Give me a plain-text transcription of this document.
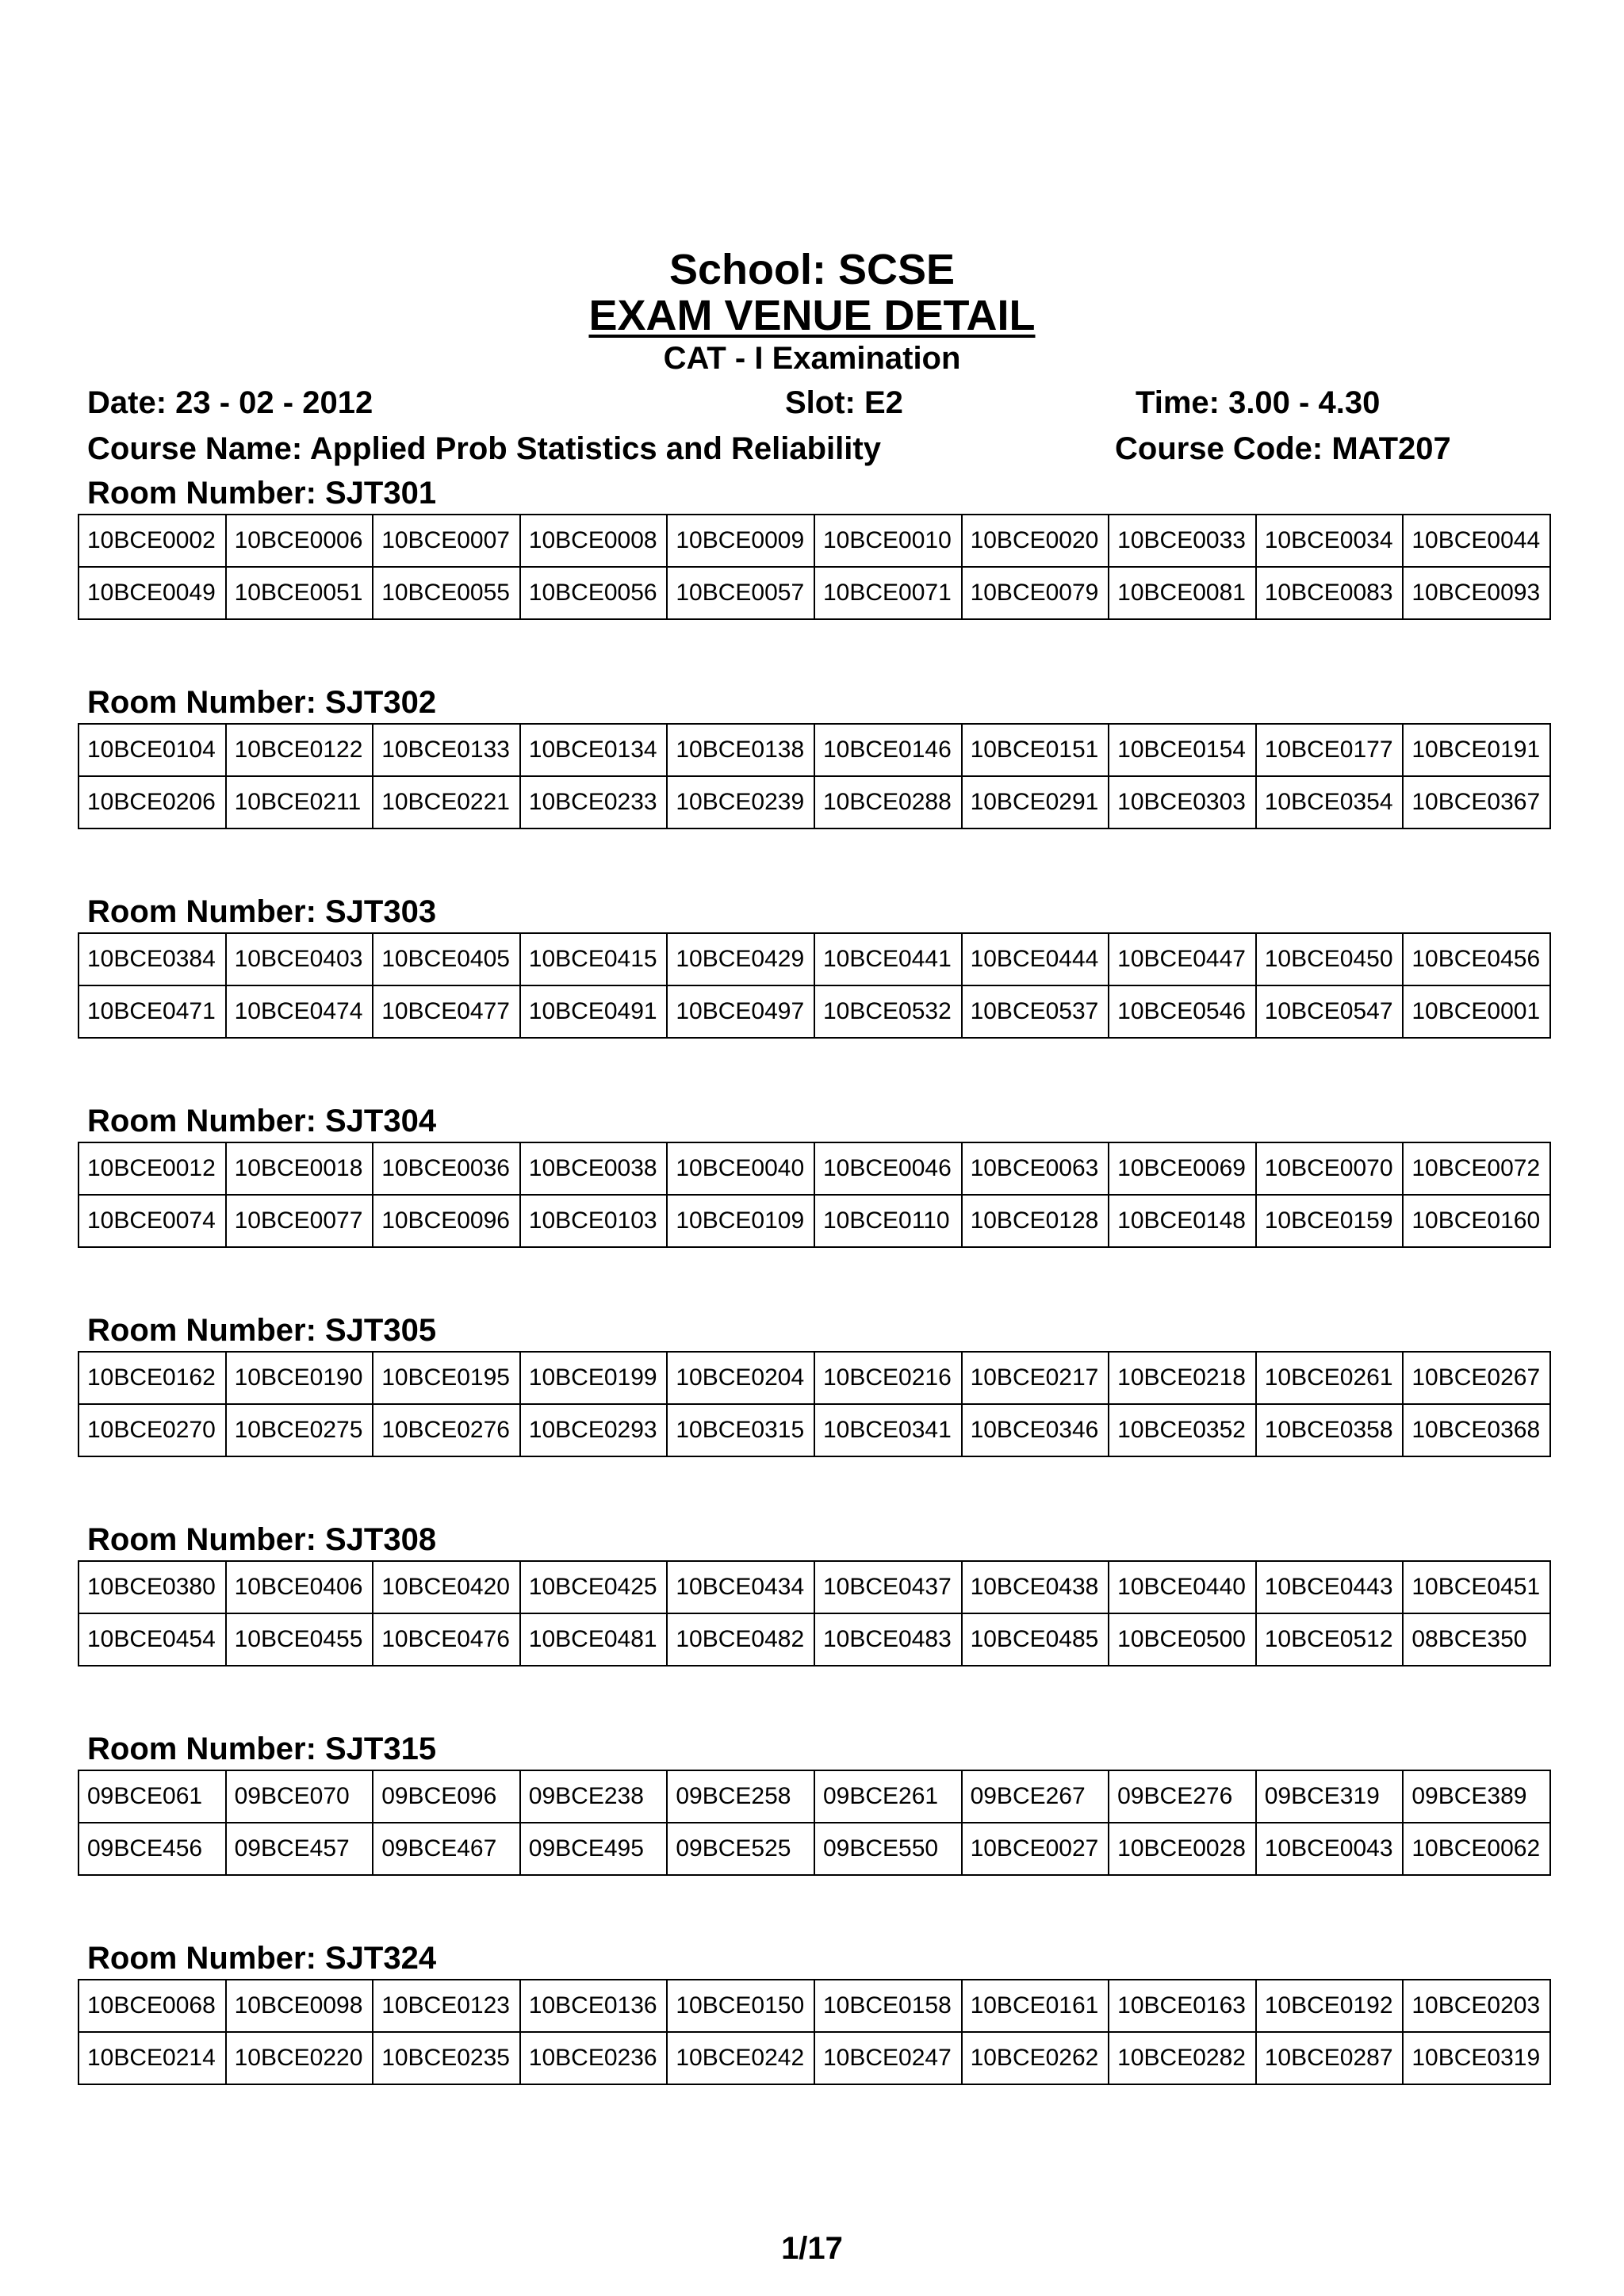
School: SCSE
EXAM VENUE DETAIL
CAT - I Examination
Date: 23 - 02 - 2012	Slot: E2	Time: 3.00 - 4.30
Course Name: Applied Prob Statistics and Reliability	Course Code: MAT207
Room Number: SJT301
10BCE0002	10BCE0006	10BCE0007	10BCE0008	10BCE0009	10BCE0010	10BCE0020	10BCE0033	10BCE0034	10BCE0044
10BCE0049	10BCE0051	10BCE0055	10BCE0056	10BCE0057	10BCE0071	10BCE0079	10BCE0081	10BCE0083	10BCE0093
Room Number: SJT302
10BCE0104	10BCE0122	10BCE0133	10BCE0134	10BCE0138	10BCE0146	10BCE0151	10BCE0154	10BCE0177	10BCE0191
10BCE0206	10BCE0211	10BCE0221	10BCE0233	10BCE0239	10BCE0288	10BCE0291	10BCE0303	10BCE0354	10BCE0367
Room Number: SJT303
10BCE0384	10BCE0403	10BCE0405	10BCE0415	10BCE0429	10BCE0441	10BCE0444	10BCE0447	10BCE0450	10BCE0456
10BCE0471	10BCE0474	10BCE0477	10BCE0491	10BCE0497	10BCE0532	10BCE0537	10BCE0546	10BCE0547	10BCE0001
Room Number: SJT304
10BCE0012	10BCE0018	10BCE0036	10BCE0038	10BCE0040	10BCE0046	10BCE0063	10BCE0069	10BCE0070	10BCE0072
10BCE0074	10BCE0077	10BCE0096	10BCE0103	10BCE0109	10BCE0110	10BCE0128	10BCE0148	10BCE0159	10BCE0160
Room Number: SJT305
10BCE0162	10BCE0190	10BCE0195	10BCE0199	10BCE0204	10BCE0216	10BCE0217	10BCE0218	10BCE0261	10BCE0267
10BCE0270	10BCE0275	10BCE0276	10BCE0293	10BCE0315	10BCE0341	10BCE0346	10BCE0352	10BCE0358	10BCE0368
Room Number: SJT308
10BCE0380	10BCE0406	10BCE0420	10BCE0425	10BCE0434	10BCE0437	10BCE0438	10BCE0440	10BCE0443	10BCE0451
10BCE0454	10BCE0455	10BCE0476	10BCE0481	10BCE0482	10BCE0483	10BCE0485	10BCE0500	10BCE0512	08BCE350
Room Number: SJT315
09BCE061	09BCE070	09BCE096	09BCE238	09BCE258	09BCE261	09BCE267	09BCE276	09BCE319	09BCE389
09BCE456	09BCE457	09BCE467	09BCE495	09BCE525	09BCE550	10BCE0027	10BCE0028	10BCE0043	10BCE0062
Room Number: SJT324
10BCE0068	10BCE0098	10BCE0123	10BCE0136	10BCE0150	10BCE0158	10BCE0161	10BCE0163	10BCE0192	10BCE0203
10BCE0214	10BCE0220	10BCE0235	10BCE0236	10BCE0242	10BCE0247	10BCE0262	10BCE0282	10BCE0287	10BCE0319
1/17
